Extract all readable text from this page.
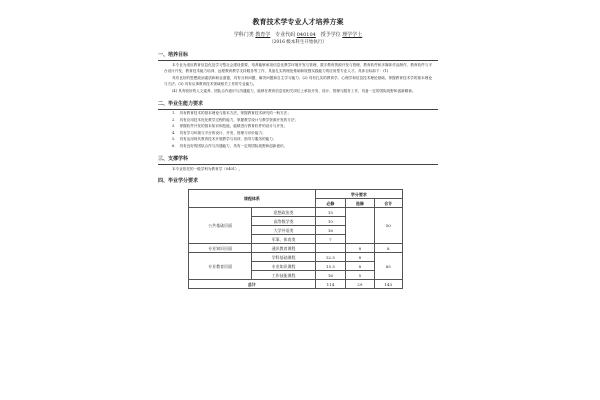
教育技术学专业人才培养方案
学科门类 教育学 专业代码 040104 授予学位 理学学士
（2016 级本科生开始执行）
一、培养目标
本专业为适应教育信息化及学习型社会建设需要，培养能够承担信息化教学环境开发与管理、数字教育资源开发与管理、教育软件和多媒体作品制作、教育软件与平台设计开发、教育技术能力培训、远程教育教学支持服务等工作，具备扎实的理论基础和较强实践能力的应用型专业人才。具体目标如下：(1)
具有良好的思想政治素质和职业道德，具有分析问题、解决问题和自主学习能力；(2) 具有扎实的教育学、心理学和信息技术理论基础，掌握教育技术学的基本理论与方法；(3) 具有从事教育技术领域相关工作的专业能力。
(4) 具有较好的人文素养、团队合作意识与沟通能力，能够在教育信息化相关岗位上承担开发、设计、管理与服务工作，具备一定的国际视野和创新精神。
二、毕业生能力要求
1. 具有教育技术的基本理论与基本方法，掌握教育技术研究的一般方法；
2. 具有应用技术优化教学过程的能力，掌握教学设计与教学资源开发的方法；
3. 掌握软件开发的基本知识和技能，能够进行教育软件的设计与开发；
4. 具有学习环境与平台的设计、开发、管理与评价能力；
5. 具有运用现代教育技术开展教学与培训、指导与服务的能力；
6. 具有良好的团队合作与沟通能力，具有一定的国际视野和创新意识。
三、支撑学科
本专业依托的一级学科为教育学（0401）。
四、毕业学分要求
课程体系		学分要求		
		必修	选修	合计
公共基础层面	思想政治类	15		50
	高等数学类	10		
	大学外语类	16		
	军事、体育类	7		
专业知识层面	通识教育课程		8	8
专业教育层面	学科基础课程	32.5	8	85
	专业知识课程	15.5	8	
	工作技能课程	16	5	
总计		114	29	143
